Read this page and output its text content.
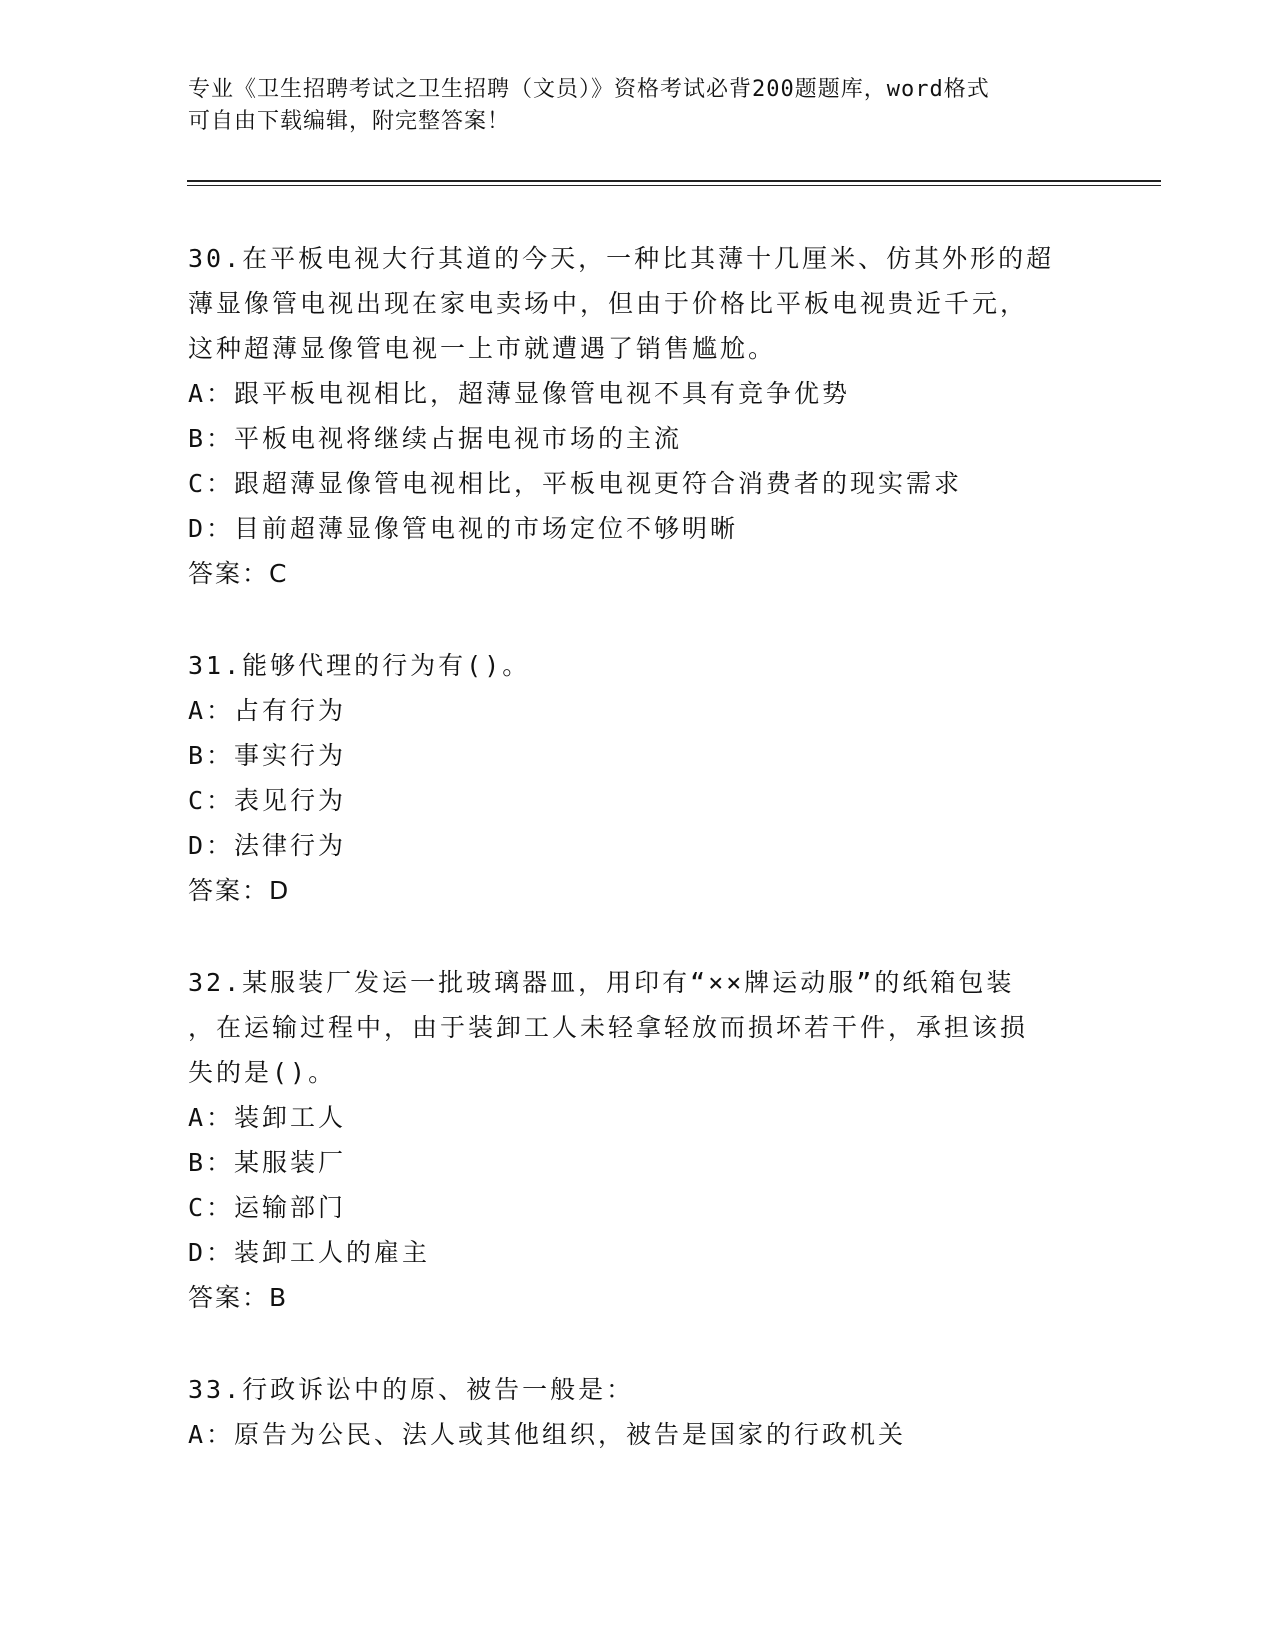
专业《卫生招聘考试之卫生招聘（文员）》资格考试必背200题题库，word格式
可自由下载编辑，附完整答案！
30.在平板电视大行其道的今天，一种比其薄十几厘米、仿其外形的超
薄显像管电视出现在家电卖场中，但由于价格比平板电视贵近千元，
这种超薄显像管电视一上市就遭遇了销售尴尬。
A：跟平板电视相比，超薄显像管电视不具有竞争优势
B：平板电视将继续占据电视市场的主流
C：跟超薄显像管电视相比，平板电视更符合消费者的现实需求
D：目前超薄显像管电视的市场定位不够明晰
答案：C
31.能够代理的行为有()。
A：占有行为
B：事实行为
C：表见行为
D：法律行为
答案：D
32.某服装厂发运一批玻璃器皿，用印有“××牌运动服”的纸箱包装
，在运输过程中，由于装卸工人未轻拿轻放而损坏若干件，承担该损
失的是()。
A：装卸工人
B：某服装厂
C：运输部门
D：装卸工人的雇主
答案：B
33.行政诉讼中的原、被告一般是：
A：原告为公民、法人或其他组织，被告是国家的行政机关
